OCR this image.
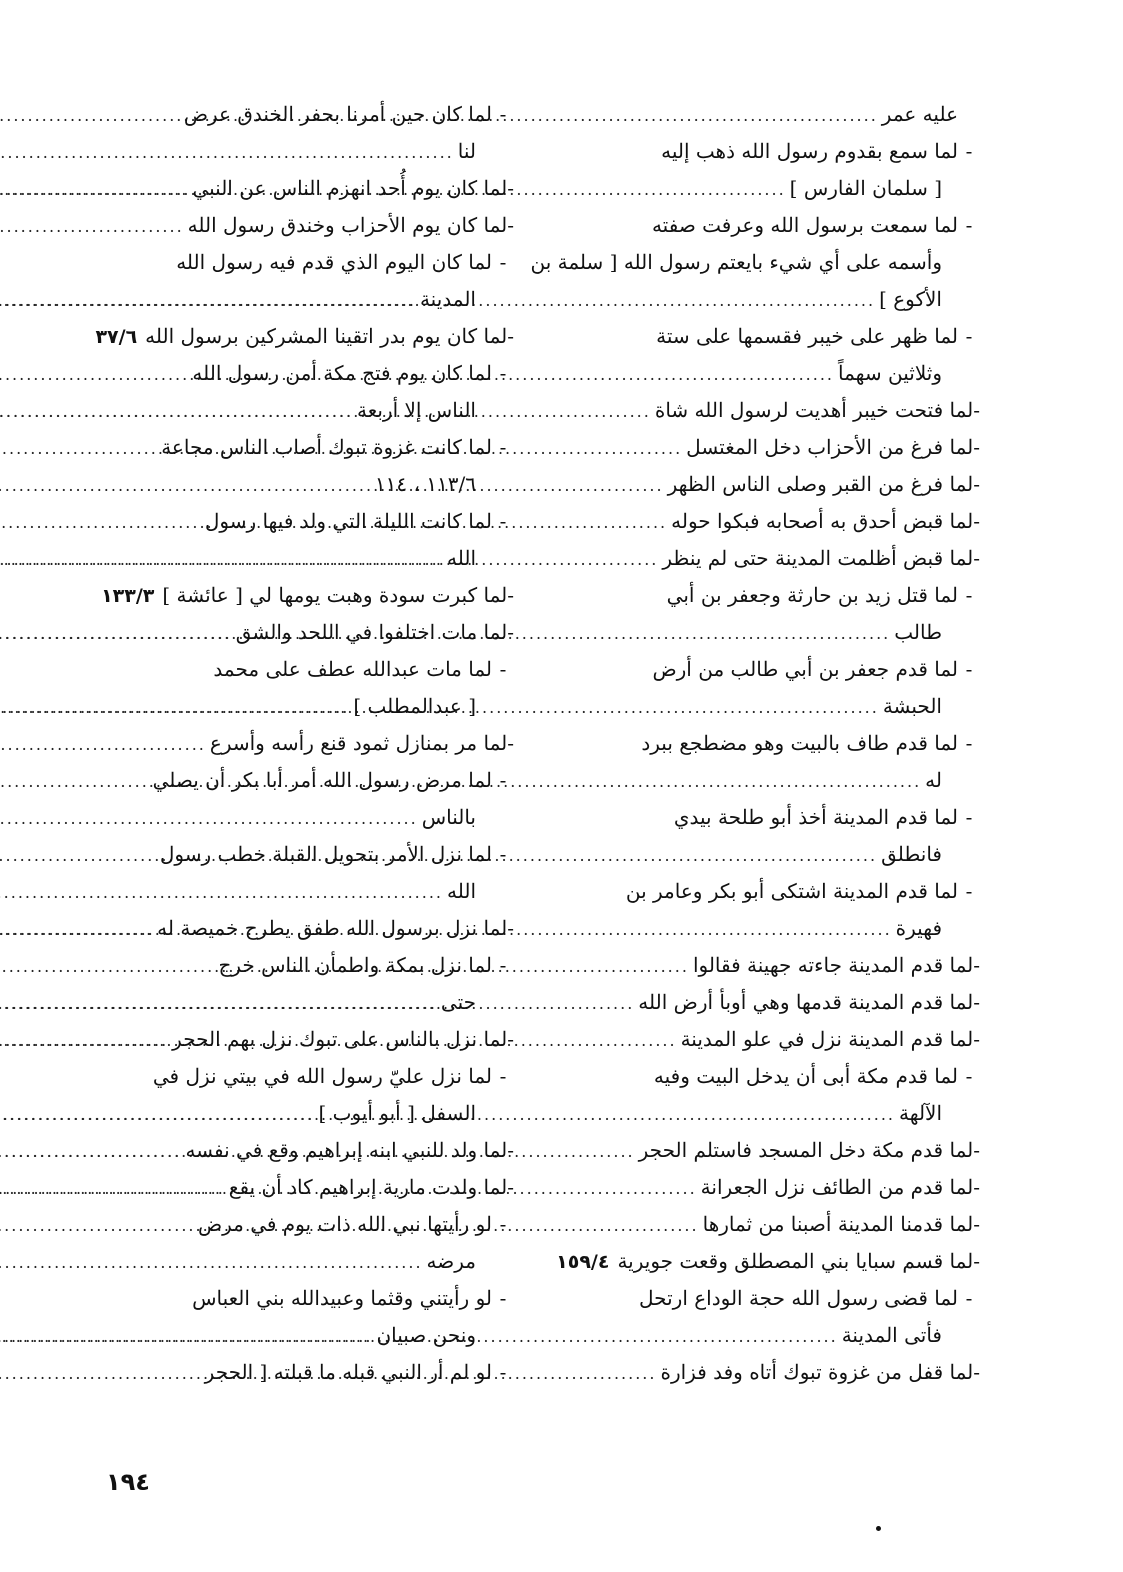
عليه عمر
.....
-لما سمع بقدوم رسول الله ذهب إليه
[ سلمان الفارس ]
.....
-لما سمعت برسول الله وعرفت صفته
وأسمه على أي شيء بايعتم رسول الله [ سلمة بن
الأكوع ]
.....
-لما ظهر على خيبر فقسمها على ستة
وثلاثين سهماً
.....
-
لما فتحت خيبر أهديت لرسول الله شاة
.....
-
لما فرغ من الأحزاب دخل المغتسل
.....
-
لما فرغ من القبر وصلى الناس الظهر
.....
-
لما قبض أحدق به أصحابه فبكوا حوله
.....
-
لما قبض أظلمت المدينة حتى لم ينظر
.....
-لما قتل زيد بن حارثة وجعفر بن أبي
طالب
.....
-لما قدم جعفر بن أبي طالب من أرض
الحبشة
.....
-لما قدم طاف بالبيت وهو مضطجع ببرد
له
.....
-لما قدم المدينة أخذ أبو طلحة بيدي
فانطلق
.....
-لما قدم المدينة اشتكى أبو بكر وعامر بن
فهيرة
.....
-
لما قدم المدينة جاءته جهينة فقالوا
.....
-
لما قدم المدينة قدمها وهي أوبأ أرض الله
.....
-
لما قدم المدينة نزل في علو المدينة
.....
-لما قدم مكة أبى أن يدخل البيت وفيه
الآلهة
.....
-
لما قدم مكة دخل المسجد فاستلم الحجر
.....
-
لما قدم من الطائف نزل الجعرانة
.....
-
لما قدمنا المدينة أصبنا من ثمارها
.....
-
لما قسم سبايا بني المصطلق وقعت جويرية
١٥٩/٤
-لما قضى رسول الله حجة الوداع ارتحل
فأتى المدينة
.....
-
لما قفل من غزوة تبوك أتاه وفد فزارة
.....
-لما كان حين أمرنا بحفر الخندق عرض
لنا
.....
-
لما كان يوم أُحد انهزم الناس عن النبي
.....
-
لما كان يوم الأحزاب وخندق رسول الله
.....
-لما كان اليوم الذي قدم فيه رسول الله
المدينة
.....
-
لما كان يوم بدر اتقينا المشركين برسول الله
٣٧/٦
-لما كان يوم فتح مكة أمن رسول الله
الناس إلا أربعة
.....
-لما كانت غزوة تبوك أصاب الناس مجاعة
١١٣/٦ ، ١١٤
-لما كانت الليلة التي ولد فيها رسول
الله
.....
-
لما كبرت سودة وهبت يومها لي [ عائشة ]
١٣٣/٣
-
لما مات اختلفوا في اللحد والشق
.....
-لما مات عبدالله عطف على محمد
[ عبدالمطلب ]
.....
-
لما مر بمنازل ثمود قنع رأسه وأسرع
.....
-لما مرض رسول الله أمر أبا بكر أن يصلي
بالناس
.....
-لما نزل الأمر بتحويل القبلة خطب رسول
الله
.....
-
لما نزل برسول الله طفق يطرح خميصة له
.....
-لما نزل بمكة واطمأن الناس خرج
حتى
.....
-
لما نزل بالناس على تبوك نزل بهم الحجر
.....
-لما نزل عليّ رسول الله في بيتي نزل في
السفل [ أبو أيوب ]
.....
-
لما ولد للنبي ابنه إبراهيم وقع في نفسه
.....
-
لما ولدت مارية إبراهيم كاد أن يقع
.....
-لو رأيتها نبي الله ذات يوم في مرض
مرضه
.....
-لو رأيتني وقثما وعبيدالله بني العباس
ونحن صبيان
.....
-
لو لم أر النبي قبله ما قبلته [ الحجر
١٩٤
